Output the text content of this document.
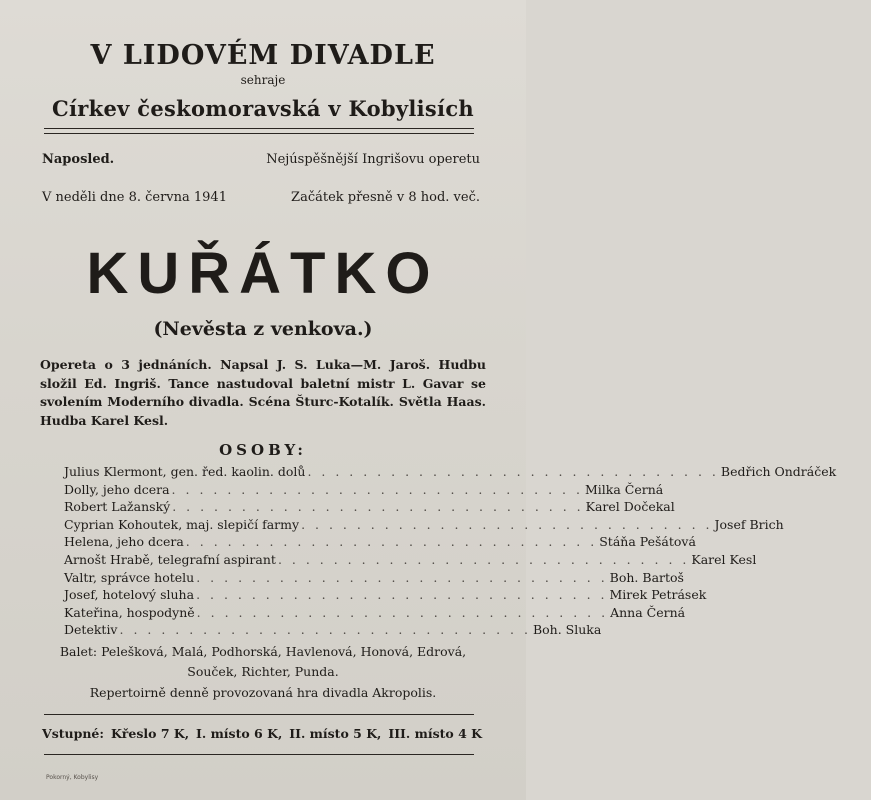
V LIDOVÉM DIVADLE
sehraje
Církev českomoravská v Kobylisích
Naposled.	Nejúspěšnější Ingrišovu operetu
V neděli dne 8. června 1941	Začátek přesně v 8 hod. več.
KUŘÁTKO
(Nevěsta z venkova.)
Opereta o 3 jednáních. Napsal J. S. Luka—M. Jaroš. Hudbu složil Ed. Ingriš. Tance nastudoval baletní mistr L. Gavar se svolením Moderního divadla. Scéna Šturc-Kotalík. Světla Haas. Hudba Karel Kesl.
OSOBY:
Julius Klermont, gen. řed. kaolin. dolů . . . . . . . . . . . . . . . . . . . . . . . . . . . . . . Bedřich Ondráček
Dolly, jeho dcera . . . . . . . . . . . . . . . . . . . . . . . . . . . . . . Milka Černá
Robert Lažanský . . . . . . . . . . . . . . . . . . . . . . . . . . . . . . Karel Dočekal
Cyprian Kohoutek, maj. slepičí farmy . . . . . . . . . . . . . . . . . . . . . . . . . . . . . . Josef Brich
Helena, jeho dcera . . . . . . . . . . . . . . . . . . . . . . . . . . . . . . Stáňa Pešátová
Arnošt Hrabě, telegrafní aspirant . . . . . . . . . . . . . . . . . . . . . . . . . . . . . . Karel Kesl
Valtr, správce hotelu . . . . . . . . . . . . . . . . . . . . . . . . . . . . . . Boh. Bartoš
Josef, hotelový sluha . . . . . . . . . . . . . . . . . . . . . . . . . . . . . . Mirek Petrásek
Kateřina, hospodyně . . . . . . . . . . . . . . . . . . . . . . . . . . . . . . Anna Černá
Detektiv . . . . . . . . . . . . . . . . . . . . . . . . . . . . . . Boh. Sluka
Balet: Pelešková, Malá, Podhorská, Havlenová, Honová, Edrová, Souček, Richter, Punda.
Repertoirně denně provozovaná hra divadla Akropolis.
Vstupné: Křeslo 7 K, I. místo 6 K, II. místo 5 K, III. místo 4 K
Pokorný, Kobylisy
